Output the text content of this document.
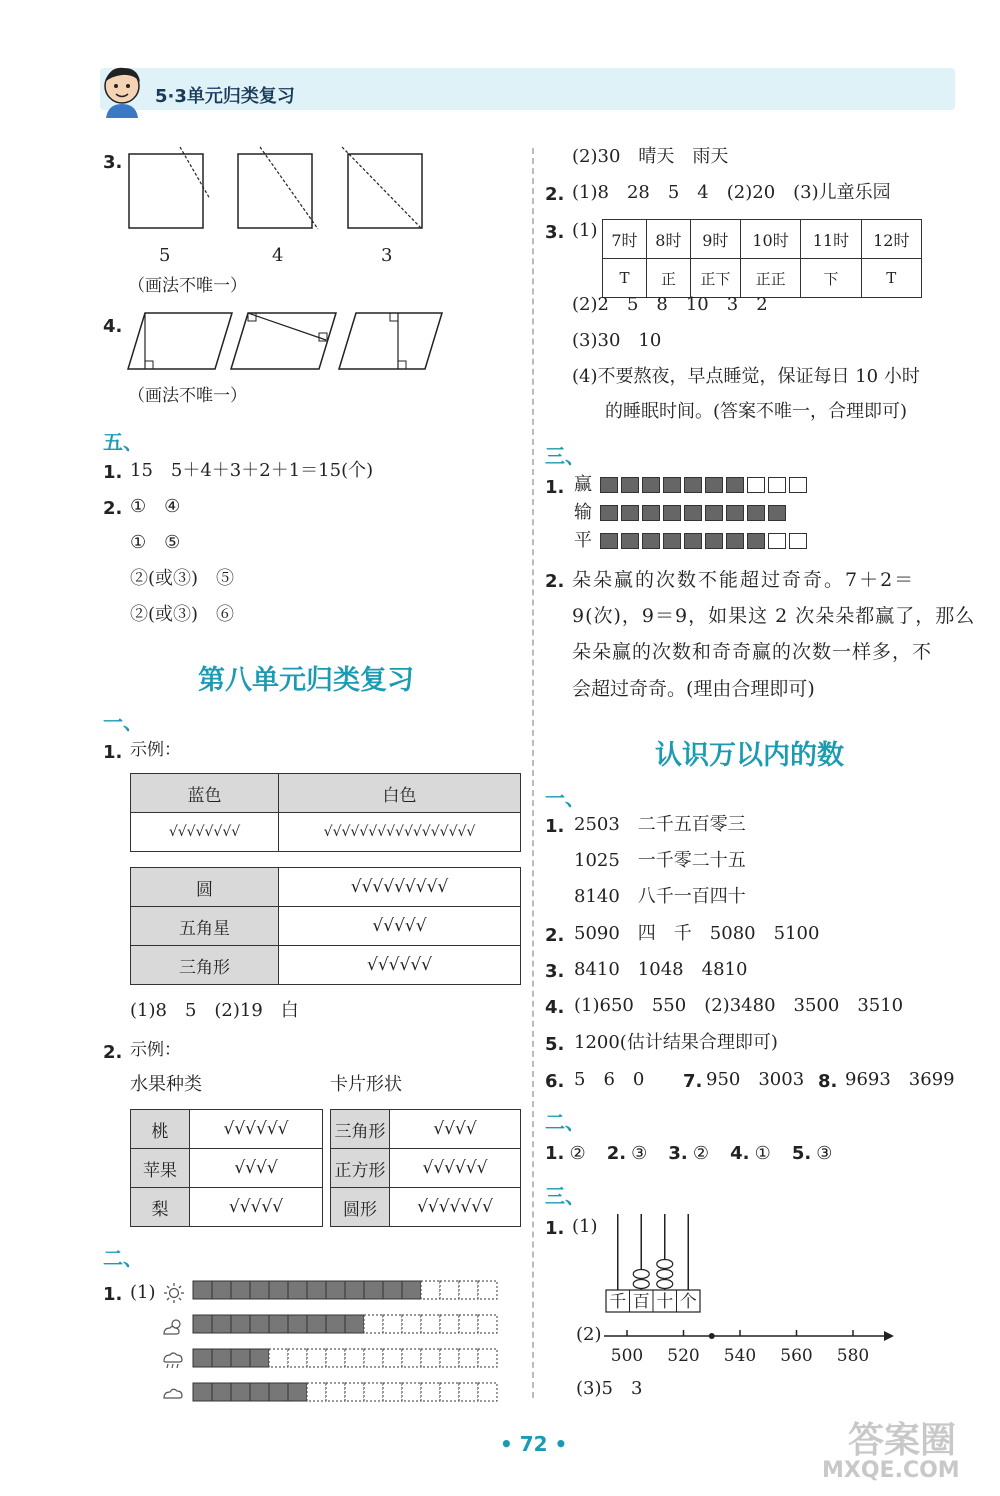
5·3单元归类复习
3.
5	4	3
（画法不唯一）
4.
（画法不唯一）
五、
1. 15　5＋4＋3＋2＋1＝15(个)
2. ①　④
①　⑤
②(或③)　⑤
②(或③)　⑥
第八单元归类复习
一、
1. 示例：
蓝色	白色
√√√√√√√√	√√√√√√√√√√√√√√√√√
圆	√√√√√√√√√
五角星	√√√√√
三角形	√√√√√√
(1)8　5　(2)19　白
2. 示例：
水果种类	卡片形状
桃	√√√√√√
苹果	√√√√
梨	√√√√√
三角形	√√√√
正方形	√√√√√√
圆形	√√√√√√√
二、
1. (1)
(2)30　晴天　雨天
2. (1)8　28　5　4　(2)20　(3)儿童乐园
3. (1) 7时	8时	9时	10时	11时	12时
T	正	正下	正正	下	T
(2)2　5　8　10　3　2
(3)30　10
(4)不要熬夜，早点睡觉，保证每日 10 小时
的睡眠时间。(答案不唯一，合理即可)
三、
1. 赢
输
平
2. 朵朵赢的次数不能超过奇奇。7＋2＝
9(次)，9＝9，如果这 2 次朵朵都赢了，那么
朵朵赢的次数和奇奇赢的次数一样多，不
会超过奇奇。(理由合理即可)
认识万以内的数
一、
1. 2503　二千五百零三
1025　一千零二十五
8140　八千一百四十
2. 5090　四　千　5080　5100
3. 8410　1048　4810
4. (1)650　550　(2)3480　3500　3510
5. 1200(估计结果合理即可)
6. 5　6　0 7. 950　3003 8. 9693　3699
二、
1. ② 2. ③ 3. ② 4. ① 5. ③
三、
1. (1)
千 百 十 个
(2)
500 520 540 560 580
(3)5　3
• 72 •	答案圈
MXQE.COM
